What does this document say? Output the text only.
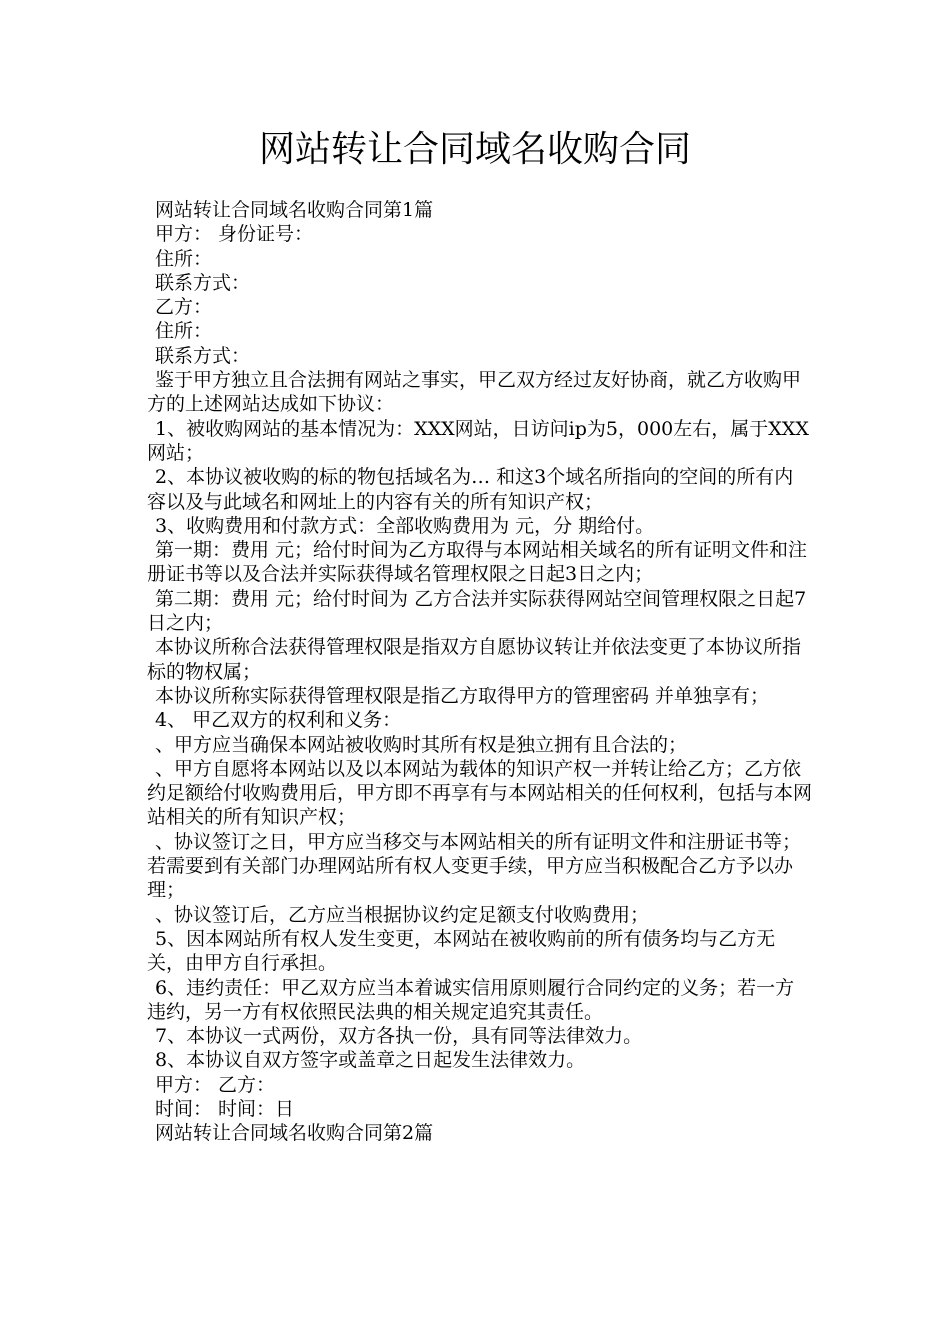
网站转让合同域名收购合同

网站转让合同域名收购合同第1篇

甲方： 身份证号：

住所：

联系方式：

乙方：

住所：

联系方式：

鉴于甲方独立且合法拥有网站之事实，甲乙双方经过友好协商，就乙方收购甲方的上述网站达成如下协议：

1、被收购网站的基本情况为：XXX网站，日访问ip为5，000左右，属于XXX网站；

2、本协议被收购的标的物包括域名为… 和这3个域名所指向的空间的所有内容以及与此域名和网址上的内容有关的所有知识产权；

3、收购费用和付款方式：全部收购费用为 元，分 期给付。

第一期：费用 元；给付时间为乙方取得与本网站相关域名的所有证明文件和注册证书等以及合法并实际获得域名管理权限之日起3日之内；

第二期：费用 元；给付时间为 乙方合法并实际获得网站空间管理权限之日起7日之内；

本协议所称合法获得管理权限是指双方自愿协议转让并依法变更了本协议所指标的物权属；

本协议所称实际获得管理权限是指乙方取得甲方的管理密码 并单独享有；

4、 甲乙双方的权利和义务：

、甲方应当确保本网站被收购时其所有权是独立拥有且合法的；

、甲方自愿将本网站以及以本网站为载体的知识产权一并转让给乙方；乙方依约足额给付收购费用后，甲方即不再享有与本网站相关的任何权利，包括与本网站相关的所有知识产权；

、协议签订之日，甲方应当移交与本网站相关的所有证明文件和注册证书等；若需要到有关部门办理网站所有权人变更手续，甲方应当积极配合乙方予以办理；

、协议签订后，乙方应当根据协议约定足额支付收购费用；

5、因本网站所有权人发生变更，本网站在被收购前的所有债务均与乙方无关，由甲方自行承担。

6、违约责任：甲乙双方应当本着诚实信用原则履行合同约定的义务；若一方违约，另一方有权依照民法典的相关规定追究其责任。

7、本协议一式两份，双方各执一份，具有同等法律效力。

8、本协议自双方签字或盖章之日起发生法律效力。

甲方： 乙方：

时间： 时间：日

网站转让合同域名收购合同第2篇
